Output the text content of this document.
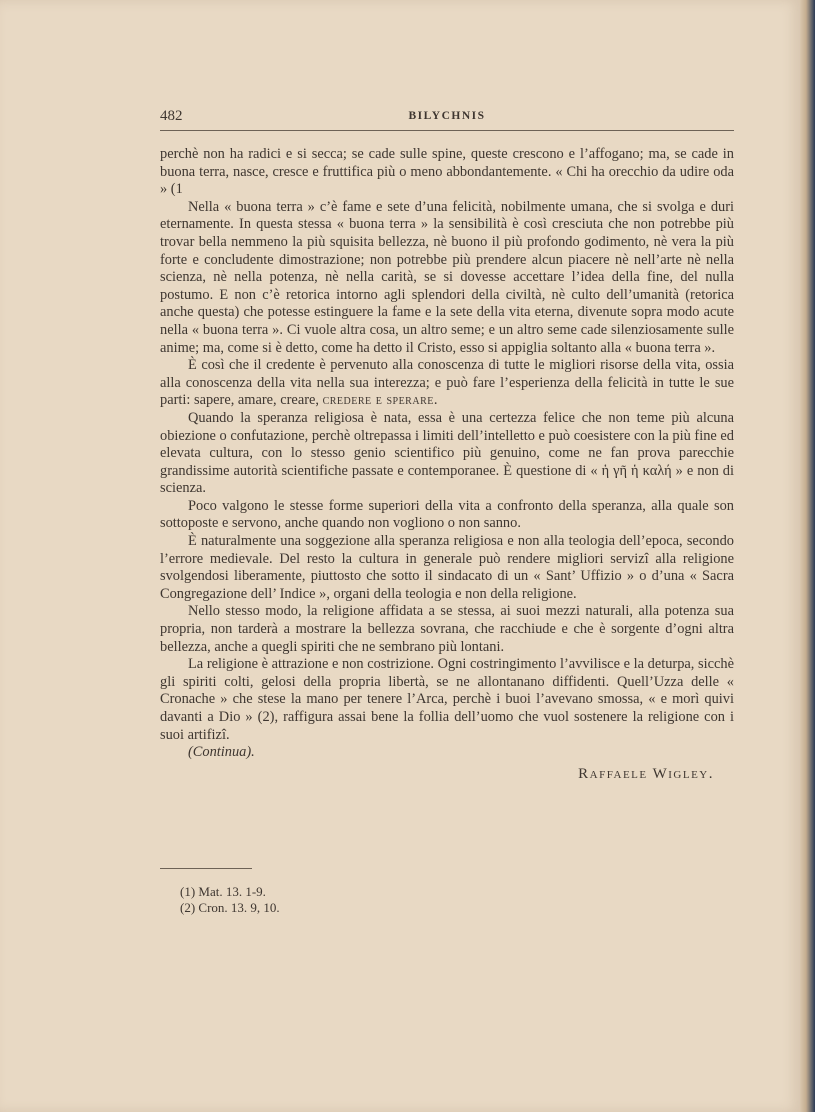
482	BILYCHNIS

perchè non ha radici e si secca; se cade sulle spine, queste crescono e l’affogano; ma, se cade in buona terra, nasce, cresce e fruttifica più o meno abbondantemente. « Chi ha orecchio da udire oda » (1

Nella « buona terra » c’è fame e sete d’una felicità, nobilmente umana, che si svolga e duri eternamente. In questa stessa « buona terra » la sensibilità è così cresciuta che non potrebbe più trovar bella nemmeno la più squisita bellezza, nè buono il più profondo godimento, nè vera la più forte e concludente dimostrazione; non potrebbe più prendere alcun piacere nè nell’arte nè nella scienza, nè nella potenza, nè nella carità, se si dovesse accettare l’idea della fine, del nulla postumo. E non c’è retorica intorno agli splendori della civiltà, nè culto dell’umanità (retorica anche questa) che potesse estinguere la fame e la sete della vita eterna, divenute sopra modo acute nella « buona terra ». Ci vuole altra cosa, un altro seme; e un altro seme cade silenziosamente sulle anime; ma, come si è detto, come ha detto il Cristo, esso si appiglia soltanto alla « buona terra ».

È così che il credente è pervenuto alla conoscenza di tutte le migliori risorse della vita, ossia alla conoscenza della vita nella sua interezza; e può fare l’esperienza della felicità in tutte le sue parti: sapere, amare, creare, credere e sperare.

Quando la speranza religiosa è nata, essa è una certezza felice che non teme più alcuna obiezione o confutazione, perchè oltrepassa i limiti dell’intelletto e può coesistere con la più fine ed elevata cultura, con lo stesso genio scientifico più genuino, come ne fan prova parecchie grandissime autorità scientifiche passate e contemporanee. È questione di « ἡ γῆ ἡ καλή » e non di scienza.

Poco valgono le stesse forme superiori della vita a confronto della speranza, alla quale son sottoposte e servono, anche quando non vogliono o non sanno.

È naturalmente una soggezione alla speranza religiosa e non alla teologia dell’epoca, secondo l’errore medievale. Del resto la cultura in generale può rendere migliori servizî alla religione svolgendosi liberamente, piuttosto che sotto il sindacato di un « Sant’ Uffizio » o d’una « Sacra Congregazione dell’ Indice », organi della teologia e non della religione.

Nello stesso modo, la religione affidata a se stessa, ai suoi mezzi naturali, alla potenza sua propria, non tarderà a mostrare la bellezza sovrana, che racchiude e che è sorgente d’ogni altra bellezza, anche a quegli spiriti che ne sembrano più lontani.

La religione è attrazione e non costrizione. Ogni costringimento l’avvilisce e la deturpa, sicchè gli spiriti colti, gelosi della propria libertà, se ne allontanano diffidenti. Quell’Uzza delle « Cronache » che stese la mano per tenere l’Arca, perchè i buoi l’avevano smossa, « e morì quivi davanti a Dio » (2), raffigura assai bene la follia dell’uomo che vuol sostenere la religione con i suoi artifizî.

(Continua).

Raffaele Wigley.
(1) Mat. 13. 1-9.
(2) Cron. 13. 9, 10.
